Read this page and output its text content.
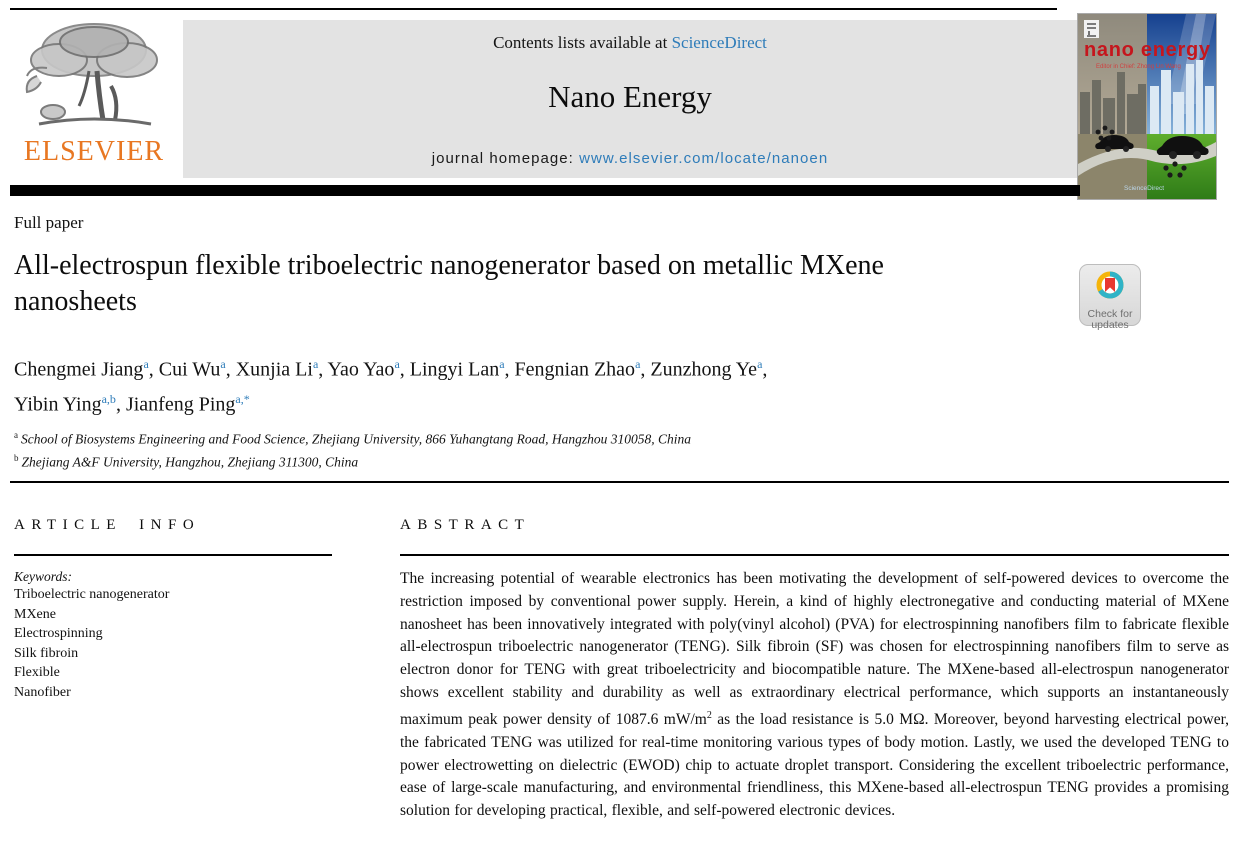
ELSEVIER
Contents lists available at ScienceDirect
Nano Energy
journal homepage: www.elsevier.com/locate/nanoen
nano energy
Editor in Chief: Zhong Lin Wang
ScienceDirect
Full paper
All-electrospun flexible triboelectric nanogenerator based on metallic MXene nanosheets	Check for
updates
Chengmei Jiang$^a$, Cui Wu$^a$, Xunjia Li$^a$, Yao Yao$^a$, Lingyi Lan$^a$, Fengnian Zhao$^a$, Zunzhong Ye$^a$,
Yibin Ying$^{a,b}$, Jianfeng Ping$^{a,*}$
$^a$ School of Biosystems Engineering and Food Science, Zhejiang University, 866 Yuhangtang Road, Hangzhou 310058, China
$^b$ Zhejiang A&F University, Hangzhou, Zhejiang 311300, China
ARTICLE INFO
Keywords:
Triboelectric nanogenerator
MXene
Electrospinning
Silk fibroin
Flexible
Nanofiber
ABSTRACT

The increasing potential of wearable electronics has been motivating the development of self-powered devices to overcome the restriction imposed by conventional power supply. Herein, a kind of highly electronegative and conducting material of MXene nanosheet has been innovatively integrated with poly(vinyl alcohol) (PVA) for electrospinning nanofibers film to fabricate flexible all-electrospun triboelectric nanogenerator (TENG). Silk fibroin (SF) was chosen for electrospinning nanofibers film to serve as electron donor for TENG with great triboelectricity and biocompatible nature. The MXene-based all-electrospun nanogenerator shows excellent stability and durability as well as extraordinary electrical performance, which supports an instantaneously maximum peak power density of 1087.6 $mW/m^2$ as the load resistance is 5.0 MΩ. Moreover, beyond harvesting electrical power, the fabricated TENG was utilized for real-time monitoring various types of body motion. Lastly, we used the developed TENG to power electrowetting on dielectric (EWOD) chip to actuate droplet transport. Considering the excellent triboelectric performance, ease of large-scale manufacturing, and environmental friendliness, this MXene-based all-electrospun TENG provides a promising solution for developing practical, flexible, and self-powered electronic devices.
